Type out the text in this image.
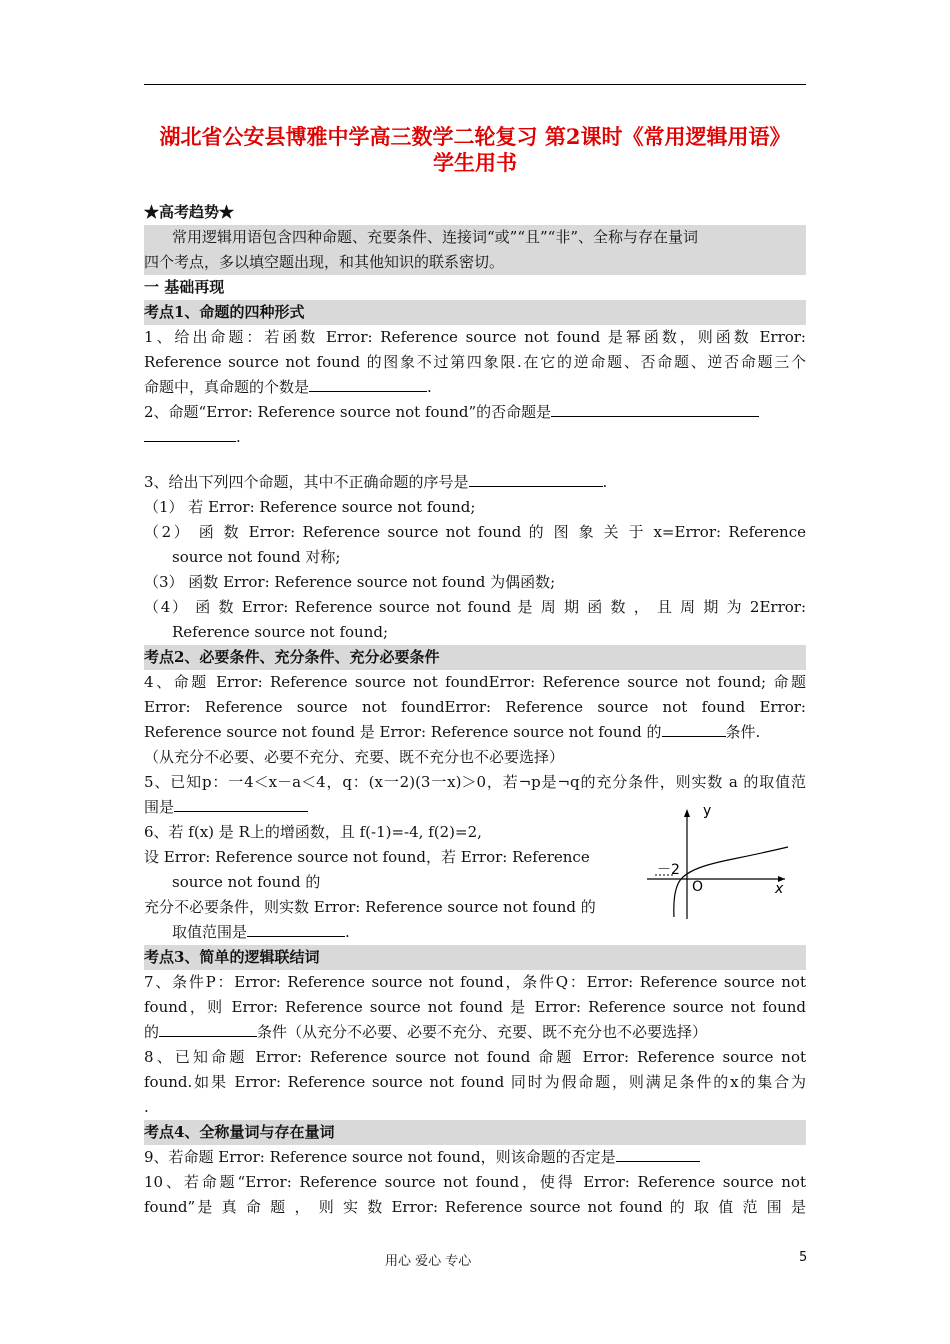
湖北省公安县博雅中学高三数学二轮复习 第2课时《常用逻辑用语》
学生用书
★高考趋势★
常用逻辑用语包含四种命题、充要条件、连接词“或”“且”“非”、全称与存在量词
四个考点，多以填空题出现，和其他知识的联系密切。
一 基础再现
考点1、命题的四种形式
1、给出命题：若函数 Error: Reference source not found 是幂函数，则函数 Error:
Reference source not found 的图象不过第四象限.在它的逆命题、否命题、逆否命题三个
命题中，真命题的个数是	.
2、命题“Error: Reference source not found”的否命题是
.
3、给出下列四个命题，其中不正确命题的序号是	.
（1） 若 Error: Reference source not found;
（2） 函 数 Error: Reference source not found 的 图 象 关 于 x=Error: Reference
source not found 对称;
（3） 函数 Error: Reference source not found 为偶函数;
（4） 函 数 Error: Reference source not found 是 周 期 函 数 ， 且 周 期 为 2Error:
Reference source not found;
考点2、必要条件、充分条件、充分必要条件
4、命题 Error: Reference source not foundError: Reference source not found; 命题
Error: Reference source not foundError: Reference source not found Error:
Reference source not found 是 Error: Reference source not found 的	条件.
（从充分不必要、必要不充分、充要、既不充分也不必要选择）
5、已知p：一4＜x－a＜4，q：(x一2)(3一x)＞0，若¬p是¬q的充分条件，则实数 a 的取值范
围是
6、若 f(x) 是 R上的增函数，且 f(-1)=-4, f(2)=2,
设 Error: Reference source not found，若 Error: Reference
source not found 的
充分不必要条件，则实数 Error: Reference source not found 的
取值范围是	.
考点3、简单的逻辑联结词
7、条件P：Error: Reference source not found，条件Q：Error: Reference source not
found，则 Error: Reference source not found 是 Error: Reference source not found
的	条件（从充分不必要、必要不充分、充要、既不充分也不必要选择）
8、已知命题 Error: Reference source not found 命题 Error: Reference source not
found.如果 Error: Reference source not found 同时为假命题，则满足条件的x的集合为
.
考点4、全称量词与存在量词
9、若命题 Error: Reference source not found，则该命题的否定是
10、若命题“Error: Reference source not found，使得 Error: Reference source not
found”是 真 命 题 ， 则 实 数 Error: Reference source not found 的 取 值 范 围 是
y
x
O
－2
用心 爱心 专心	5
